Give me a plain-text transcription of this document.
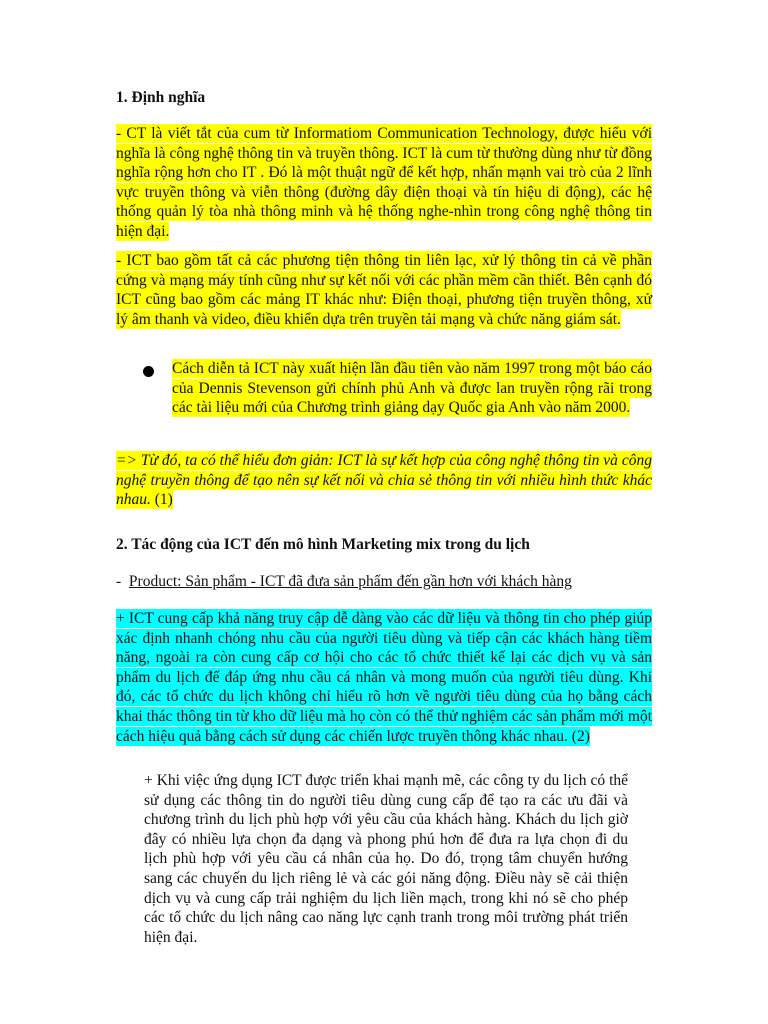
1. Định nghĩa

- CT là viết tắt của cum từ Informatiom Communication Technology, được hiểu với nghĩa là công nghệ thông tin và truyền thông. ICT là cum từ thường dùng như từ đồng nghĩa rộng hơn cho IT . Đó là một thuật ngữ để kết hợp, nhấn mạnh vai trò của 2 lĩnh vực truyền thông và viễn thông (đường dây điện thoại và tín hiệu di động), các hệ thống quản lý tòa nhà thông minh và hệ thống nghe-nhìn trong công nghệ thông tin hiện đại.

- ICT bao gồm tất cả các phương tiện thông tin liên lạc, xử lý thông tin cả về phần cứng và mạng máy tính cũng như sự kết nối với các phần mềm cần thiết. Bên cạnh đó ICT cũng bao gồm các mảng IT khác như: Điện thoại, phương tiện truyền thông, xử lý âm thanh và video, điều khiển dựa trên truyền tải mạng và chức năng giám sát.

Cách diễn tả ICT này xuất hiện lần đầu tiên vào năm 1997 trong một báo cáo của Dennis Stevenson gửi chính phủ Anh và được lan truyền rộng rãi trong các tài liệu mới của Chương trình giảng dạy Quốc gia Anh vào năm 2000.

=> Từ đó, ta có thể hiểu đơn giản: ICT là sự kết hợp của công nghệ thông tin và công nghệ truyền thông để tạo nên sự kết nối và chia sẻ thông tin với nhiều hình thức khác nhau. (1)

2. Tác động của ICT đến mô hình Marketing mix trong du lịch

-  Product: Sản phẩm - ICT đã đưa sản phẩm đến gần hơn với khách hàng

+ ICT cung cấp khả năng truy cập dễ dàng vào các dữ liệu và thông tin cho phép giúp xác định nhanh chóng nhu cầu của người tiêu dùng và tiếp cận các khách hàng tiềm năng, ngoài ra còn cung cấp cơ hội cho các tổ chức thiết kế lại các dịch vụ và sản phẩm du lịch để đáp ứng nhu cầu cá nhân và mong muốn của người tiêu dùng. Khi đó, các tổ chức du lịch không chỉ hiểu rõ hơn về người tiêu dùng của họ bằng cách khai thác thông tin từ kho dữ liệu mà họ còn có thể thử nghiệm các sản phẩm mới một cách hiệu quả bằng cách sử dụng các chiến lược truyền thông khác nhau. (2)

+ Khi việc ứng dụng ICT được triển khai mạnh mẽ, các công ty du lịch có thể sử dụng các thông tin do người tiêu dùng cung cấp để tạo ra các ưu đãi và chương trình du lịch phù hợp với yêu cầu của khách hàng. Khách du lịch giờ đây có nhiều lựa chọn đa dạng và phong phú hơn để đưa ra lựa chọn đi du lịch phù hợp với yêu cầu cá nhân của họ. Do đó, trọng tâm chuyển hướng sang các chuyến du lịch riêng lẻ và các gói năng động. Điều này sẽ cải thiện dịch vụ và cung cấp trải nghiệm du lịch liền mạch, trong khi nó sẽ cho phép các tổ chức du lịch nâng cao năng lực cạnh tranh trong môi trường phát triển hiện đại.
